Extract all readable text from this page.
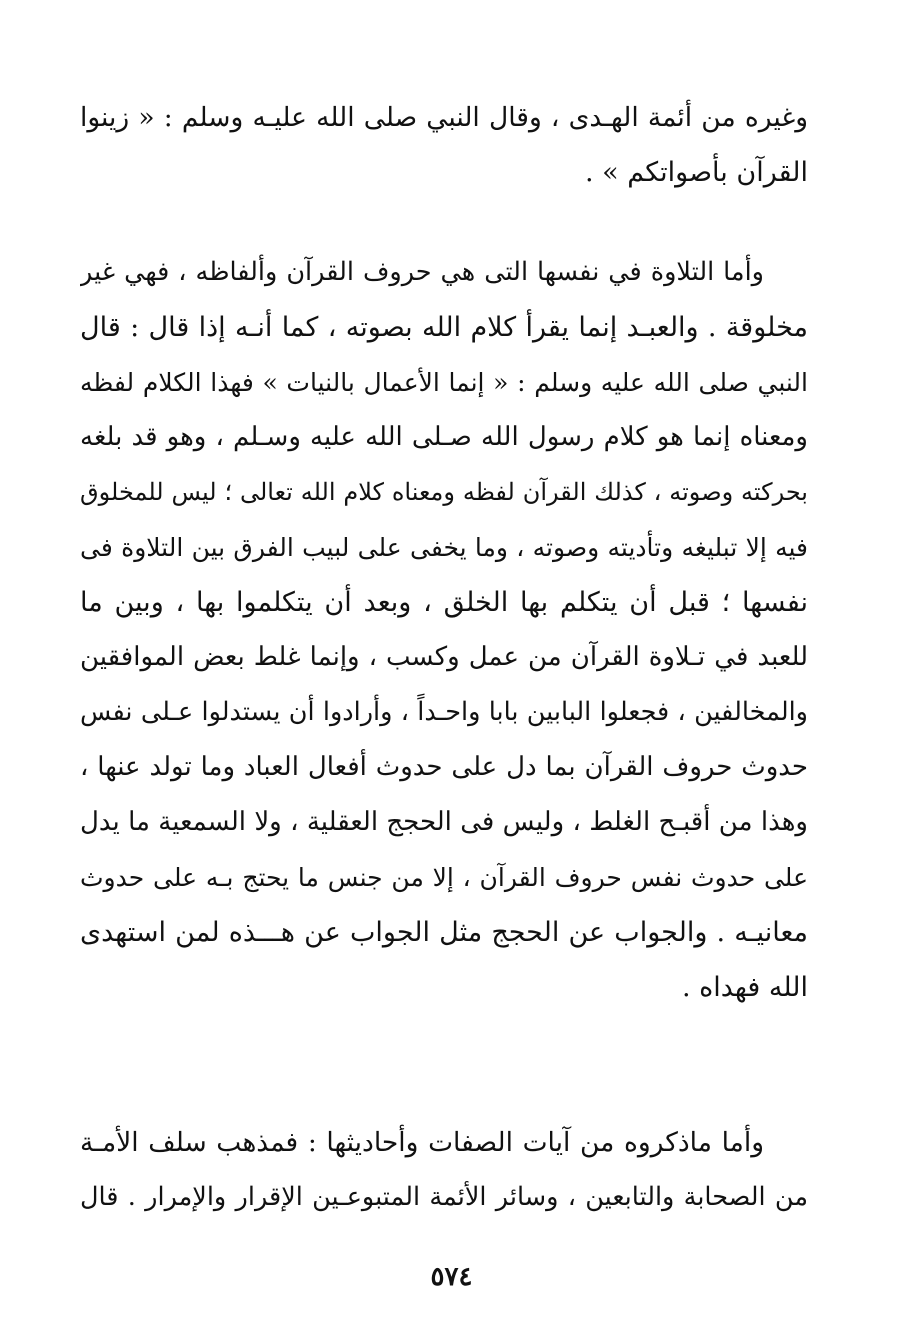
وغيره من أئمة الهـدى ، وقال النبي صلى الله عليـه وسلم : « زينوا
القرآن بأصواتكم » .
وأما التلاوة في نفسها التى هي حروف القرآن وألفاظه ، فهي غير
مخلوقة . والعبـد إنما يقرأ كلام الله بصوته ، كما أنـه إذا قال : قال
النبي صلى الله عليه وسلم : « إنما الأعمال بالنيات » فهذا الكلام لفظه
ومعناه إنما هو كلام رسول الله صـلى الله عليه وسـلم ، وهو قد بلغه
بحركته وصوته ، كذلك القرآن لفظه ومعناه كلام الله تعالى ؛ ليس للمخلوق
فيه إلا تبليغه وتأديته وصوته ، وما يخفى على لبيب الفرق بين التلاوة فى
نفسها ؛ قبل أن يتكلم بها الخلق ، وبعد أن يتكلموا بها ، وبين ما
للعبد في تـلاوة القرآن من عمل وكسب ، وإنما غلط بعض الموافقين
والمخالفين ، فجعلوا البابين بابا واحـداً ، وأرادوا أن يستدلوا عـلى نفس
حدوث حروف القرآن بما دل على حدوث أفعال العباد وما تولد عنها ،
وهذا من أقبـح الغلط ، وليس فى الحجج العقلية ، ولا السمعية ما يدل
على حدوث نفس حروف القرآن ، إلا من جنس ما يحتج بـه على حدوث
معانيـه . والجواب عن الحجج مثل الجواب عن هـــذه لمن استهدى
الله فهداه .
وأما ماذكروه من آيات الصفات وأحاديثها : فمذهب سلف الأمـة
من الصحابة والتابعين ، وسائر الأئمة المتبوعـين الإقرار والإمرار . قال
٥٧٤
